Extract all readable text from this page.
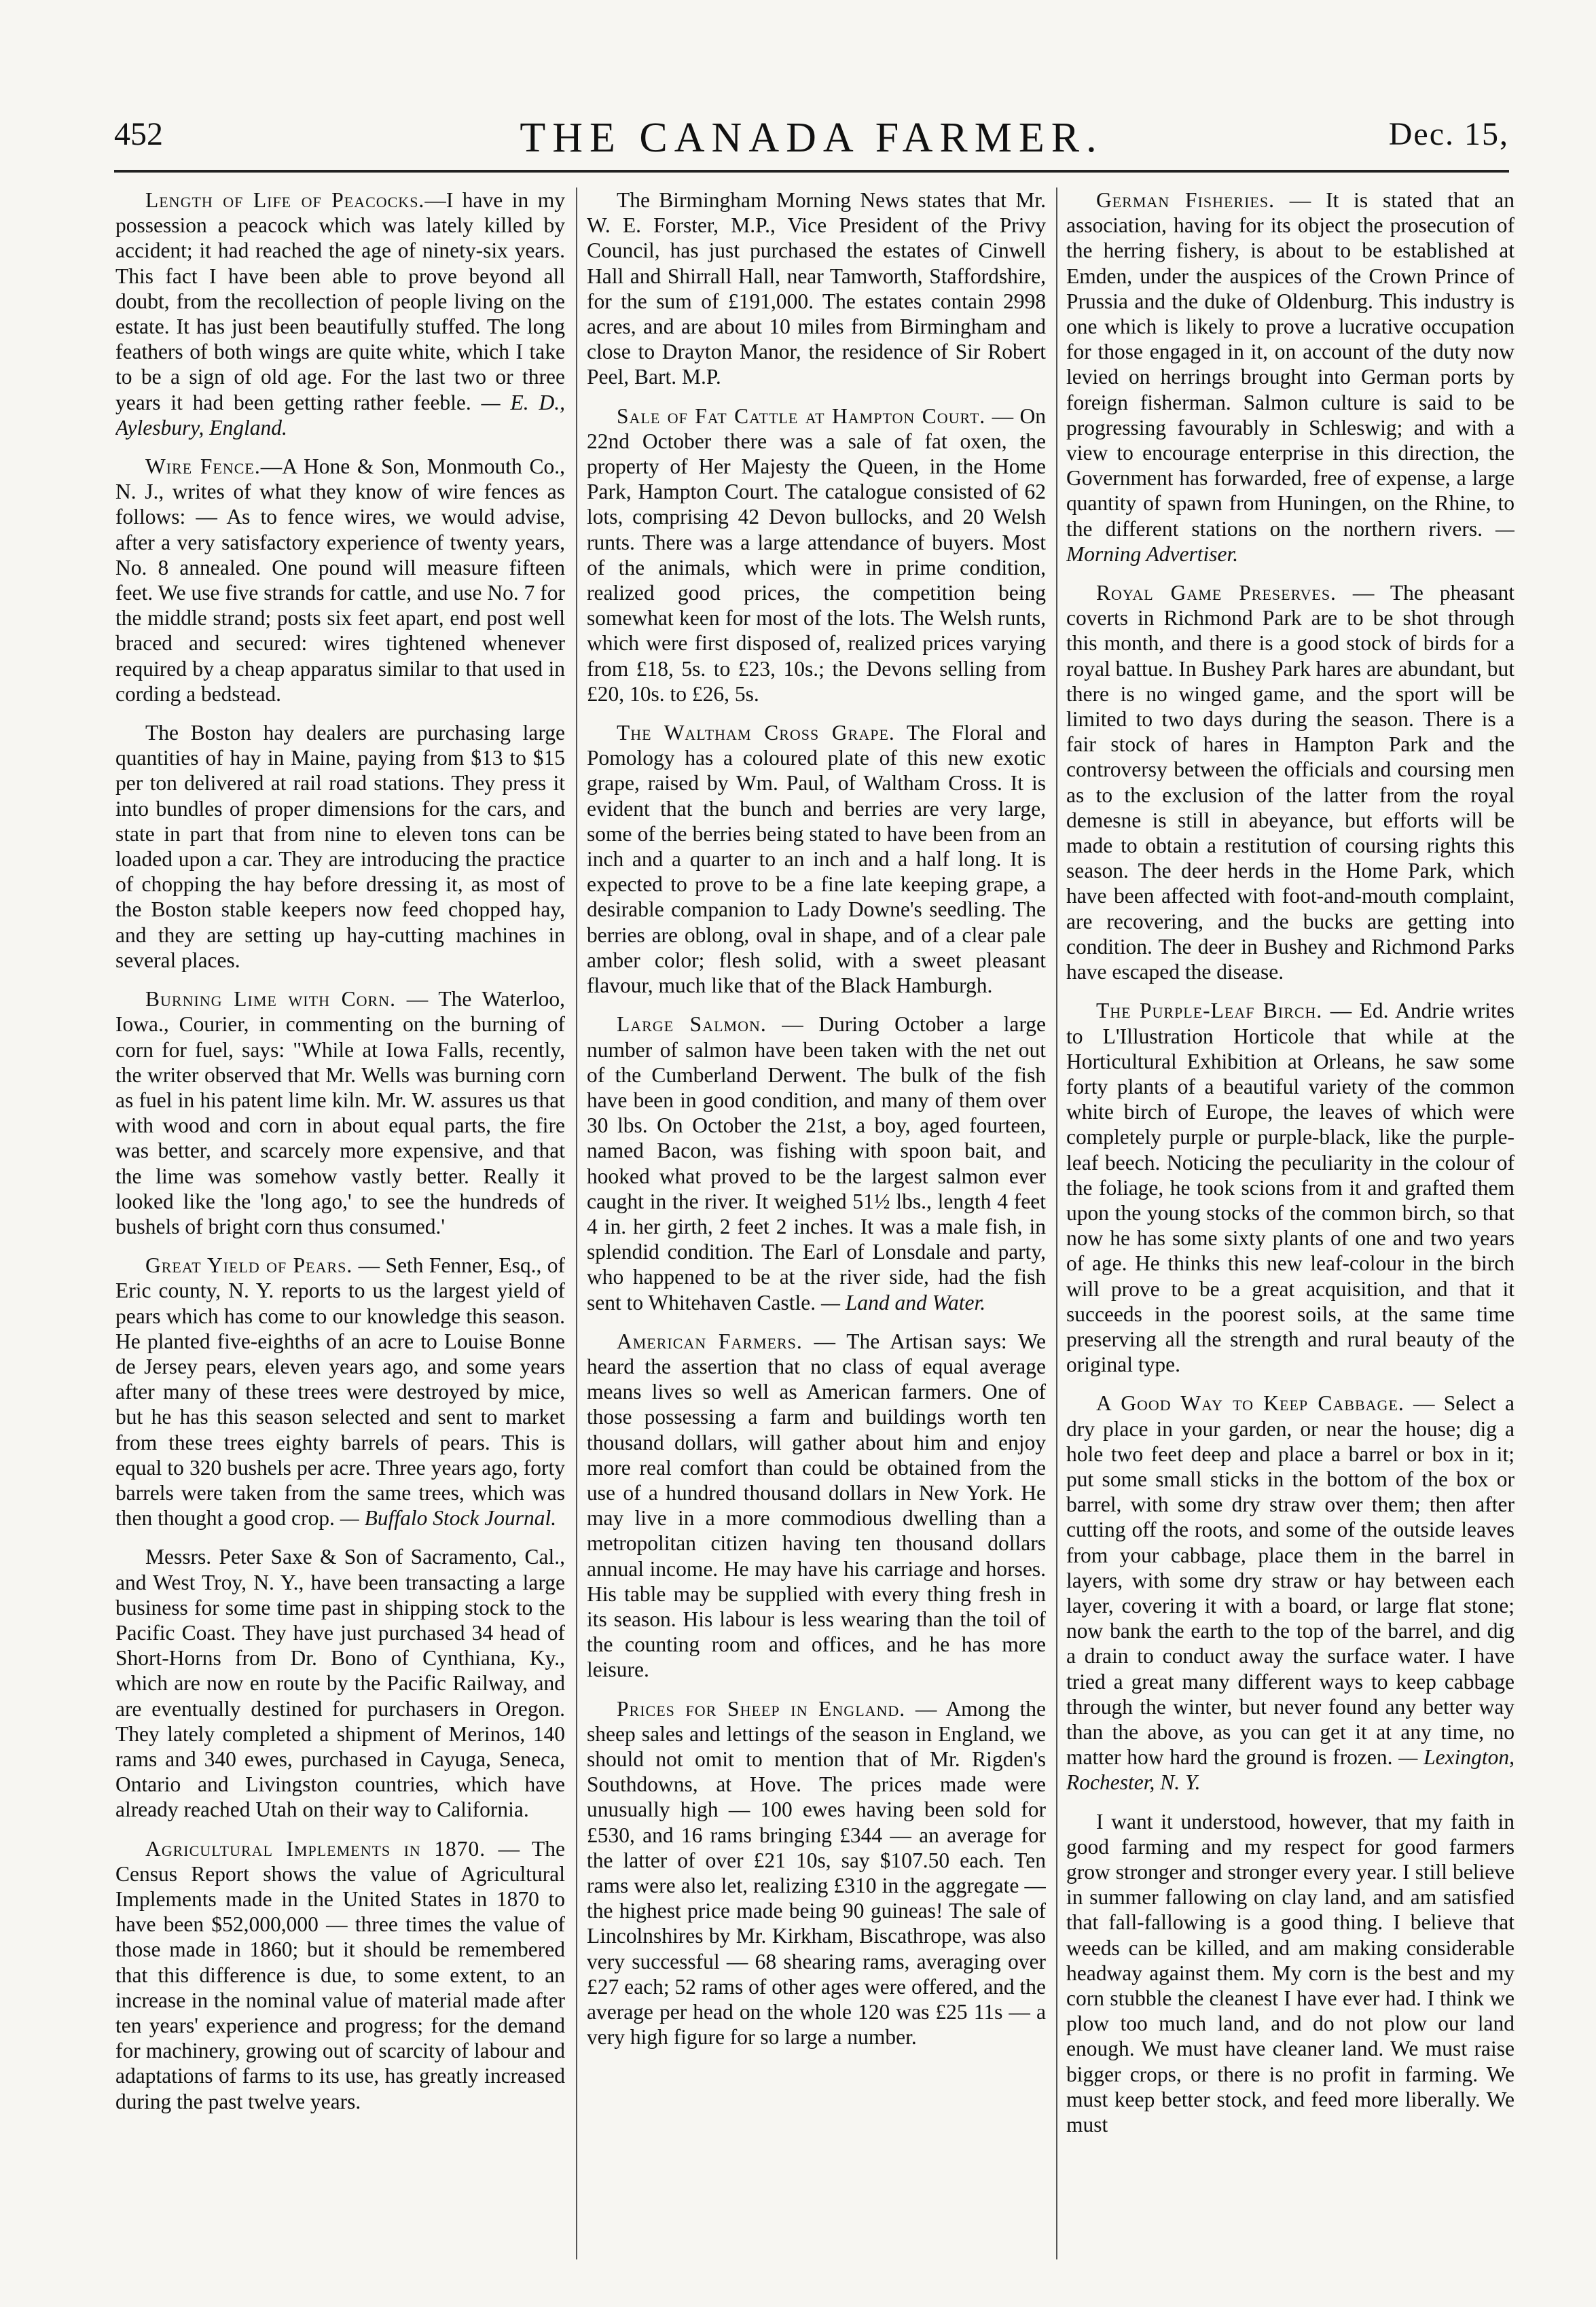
452	THE CANADA FARMER.	Dec. 15,

Length of Life of Peacocks.—I have in my possession a peacock which was lately killed by accident; it had reached the age of ninety-six years. This fact I have been able to prove beyond all doubt, from the recollection of people living on the estate. It has just been beautifully stuffed. The long feathers of both wings are quite white, which I take to be a sign of old age. For the last two or three years it had been getting rather feeble. — E. D., Aylesbury, England.

Wire Fence.—A Hone & Son, Monmouth Co., N. J., writes of what they know of wire fences as follows: — As to fence wires, we would advise, after a very satisfactory experience of twenty years, No. 8 annealed. One pound will measure fifteen feet. We use five strands for cattle, and use No. 7 for the middle strand; posts six feet apart, end post well braced and secured: wires tightened whenever required by a cheap apparatus similar to that used in cording a bedstead.

The Boston hay dealers are purchasing large quantities of hay in Maine, paying from $13 to $15 per ton delivered at rail road stations. They press it into bundles of proper dimensions for the cars, and state in part that from nine to eleven tons can be loaded upon a car. They are introducing the practice of chopping the hay before dressing it, as most of the Boston stable keepers now feed chopped hay, and they are setting up hay-cutting machines in several places.

Burning Lime with Corn. — The Waterloo, Iowa., Courier, in commenting on the burning of corn for fuel, says: "While at Iowa Falls, recently, the writer observed that Mr. Wells was burning corn as fuel in his patent lime kiln. Mr. W. assures us that with wood and corn in about equal parts, the fire was better, and scarcely more expensive, and that the lime was somehow vastly better. Really it looked like the 'long ago,' to see the hundreds of bushels of bright corn thus consumed.'

Great Yield of Pears. — Seth Fenner, Esq., of Eric county, N. Y. reports to us the largest yield of pears which has come to our knowledge this season. He planted five-eighths of an acre to Louise Bonne de Jersey pears, eleven years ago, and some years after many of these trees were destroyed by mice, but he has this season selected and sent to market from these trees eighty barrels of pears. This is equal to 320 bushels per acre. Three years ago, forty barrels were taken from the same trees, which was then thought a good crop. — Buffalo Stock Journal.

Messrs. Peter Saxe & Son of Sacramento, Cal., and West Troy, N. Y., have been transacting a large business for some time past in shipping stock to the Pacific Coast. They have just purchased 34 head of Short-Horns from Dr. Bono of Cynthiana, Ky., which are now en route by the Pacific Railway, and are eventually destined for purchasers in Oregon. They lately completed a shipment of Merinos, 140 rams and 340 ewes, purchased in Cayuga, Seneca, Ontario and Livingston countries, which have already reached Utah on their way to California.

Agricultural Implements in 1870. — The Census Report shows the value of Agricultural Implements made in the United States in 1870 to have been $52,000,000 — three times the value of those made in 1860; but it should be remembered that this difference is due, to some extent, to an increase in the nominal value of material made after ten years' experience and progress; for the demand for machinery, growing out of scarcity of labour and adaptations of farms to its use, has greatly increased during the past twelve years.

The Birmingham Morning News states that Mr. W. E. Forster, M.P., Vice President of the Privy Council, has just purchased the estates of Cinwell Hall and Shirrall Hall, near Tamworth, Staffordshire, for the sum of £191,000. The estates contain 2998 acres, and are about 10 miles from Birmingham and close to Drayton Manor, the residence of Sir Robert Peel, Bart. M.P.

Sale of Fat Cattle at Hampton Court. — On 22nd October there was a sale of fat oxen, the property of Her Majesty the Queen, in the Home Park, Hampton Court. The catalogue consisted of 62 lots, comprising 42 Devon bullocks, and 20 Welsh runts. There was a large attendance of buyers. Most of the animals, which were in prime condition, realized good prices, the competition being somewhat keen for most of the lots. The Welsh runts, which were first disposed of, realized prices varying from £18, 5s. to £23, 10s.; the Devons selling from £20, 10s. to £26, 5s.

The Waltham Cross Grape. The Floral and Pomology has a coloured plate of this new exotic grape, raised by Wm. Paul, of Waltham Cross. It is evident that the bunch and berries are very large, some of the berries being stated to have been from an inch and a quarter to an inch and a half long. It is expected to prove to be a fine late keeping grape, a desirable companion to Lady Downe's seedling. The berries are oblong, oval in shape, and of a clear pale amber color; flesh solid, with a sweet pleasant flavour, much like that of the Black Hamburgh.

Large Salmon. — During October a large number of salmon have been taken with the net out of the Cumberland Derwent. The bulk of the fish have been in good condition, and many of them over 30 lbs. On October the 21st, a boy, aged fourteen, named Bacon, was fishing with spoon bait, and hooked what proved to be the largest salmon ever caught in the river. It weighed 51½ lbs., length 4 feet 4 in. her girth, 2 feet 2 inches. It was a male fish, in splendid condition. The Earl of Lonsdale and party, who happened to be at the river side, had the fish sent to Whitehaven Castle. — Land and Water.

American Farmers. — The Artisan says: We heard the assertion that no class of equal average means lives so well as American farmers. One of those possessing a farm and buildings worth ten thousand dollars, will gather about him and enjoy more real comfort than could be obtained from the use of a hundred thousand dollars in New York. He may live in a more commodious dwelling than a metropolitan citizen having ten thousand dollars annual income. He may have his carriage and horses. His table may be supplied with every thing fresh in its season. His labour is less wearing than the toil of the counting room and offices, and he has more leisure.

Prices for Sheep in England. — Among the sheep sales and lettings of the season in England, we should not omit to mention that of Mr. Rigden's Southdowns, at Hove. The prices made were unusually high — 100 ewes having been sold for £530, and 16 rams bringing £344 — an average for the latter of over £21 10s, say $107.50 each. Ten rams were also let, realizing £310 in the aggregate — the highest price made being 90 guineas! The sale of Lincolnshires by Mr. Kirkham, Biscathrope, was also very successful — 68 shearing rams, averaging over £27 each; 52 rams of other ages were offered, and the average per head on the whole 120 was £25 11s — a very high figure for so large a number.

German Fisheries. — It is stated that an association, having for its object the prosecution of the herring fishery, is about to be established at Emden, under the auspices of the Crown Prince of Prussia and the duke of Oldenburg. This industry is one which is likely to prove a lucrative occupation for those engaged in it, on account of the duty now levied on herrings brought into German ports by foreign fisherman. Salmon culture is said to be progressing favourably in Schleswig; and with a view to encourage enterprise in this direction, the Government has forwarded, free of expense, a large quantity of spawn from Huningen, on the Rhine, to the different stations on the northern rivers. — Morning Advertiser.

Royal Game Preserves. — The pheasant coverts in Richmond Park are to be shot through this month, and there is a good stock of birds for a royal battue. In Bushey Park hares are abundant, but there is no winged game, and the sport will be limited to two days during the season. There is a fair stock of hares in Hampton Park and the controversy between the officials and coursing men as to the exclusion of the latter from the royal demesne is still in abeyance, but efforts will be made to obtain a restitution of coursing rights this season. The deer herds in the Home Park, which have been affected with foot-and-mouth complaint, are recovering, and the bucks are getting into condition. The deer in Bushey and Richmond Parks have escaped the disease.

The Purple-Leaf Birch. — Ed. Andrie writes to L'Illustration Horticole that while at the Horticultural Exhibition at Orleans, he saw some forty plants of a beautiful variety of the common white birch of Europe, the leaves of which were completely purple or purple-black, like the purple-leaf beech. Noticing the peculiarity in the colour of the foliage, he took scions from it and grafted them upon the young stocks of the common birch, so that now he has some sixty plants of one and two years of age. He thinks this new leaf-colour in the birch will prove to be a great acquisition, and that it succeeds in the poorest soils, at the same time preserving all the strength and rural beauty of the original type.

A Good Way to Keep Cabbage. — Select a dry place in your garden, or near the house; dig a hole two feet deep and place a barrel or box in it; put some small sticks in the bottom of the box or barrel, with some dry straw over them; then after cutting off the roots, and some of the outside leaves from your cabbage, place them in the barrel in layers, with some dry straw or hay between each layer, covering it with a board, or large flat stone; now bank the earth to the top of the barrel, and dig a drain to conduct away the surface water. I have tried a great many different ways to keep cabbage through the winter, but never found any better way than the above, as you can get it at any time, no matter how hard the ground is frozen. — Lexington, Rochester, N. Y.

I want it understood, however, that my faith in good farming and my respect for good farmers grow stronger and stronger every year. I still believe in summer fallowing on clay land, and am satisfied that fall-fallowing is a good thing. I believe that weeds can be killed, and am making considerable headway against them. My corn is the best and my corn stubble the cleanest I have ever had. I think we plow too much land, and do not plow our land enough. We must have cleaner land. We must raise bigger crops, or there is no profit in farming. We must keep better stock, and feed more liberally. We must
